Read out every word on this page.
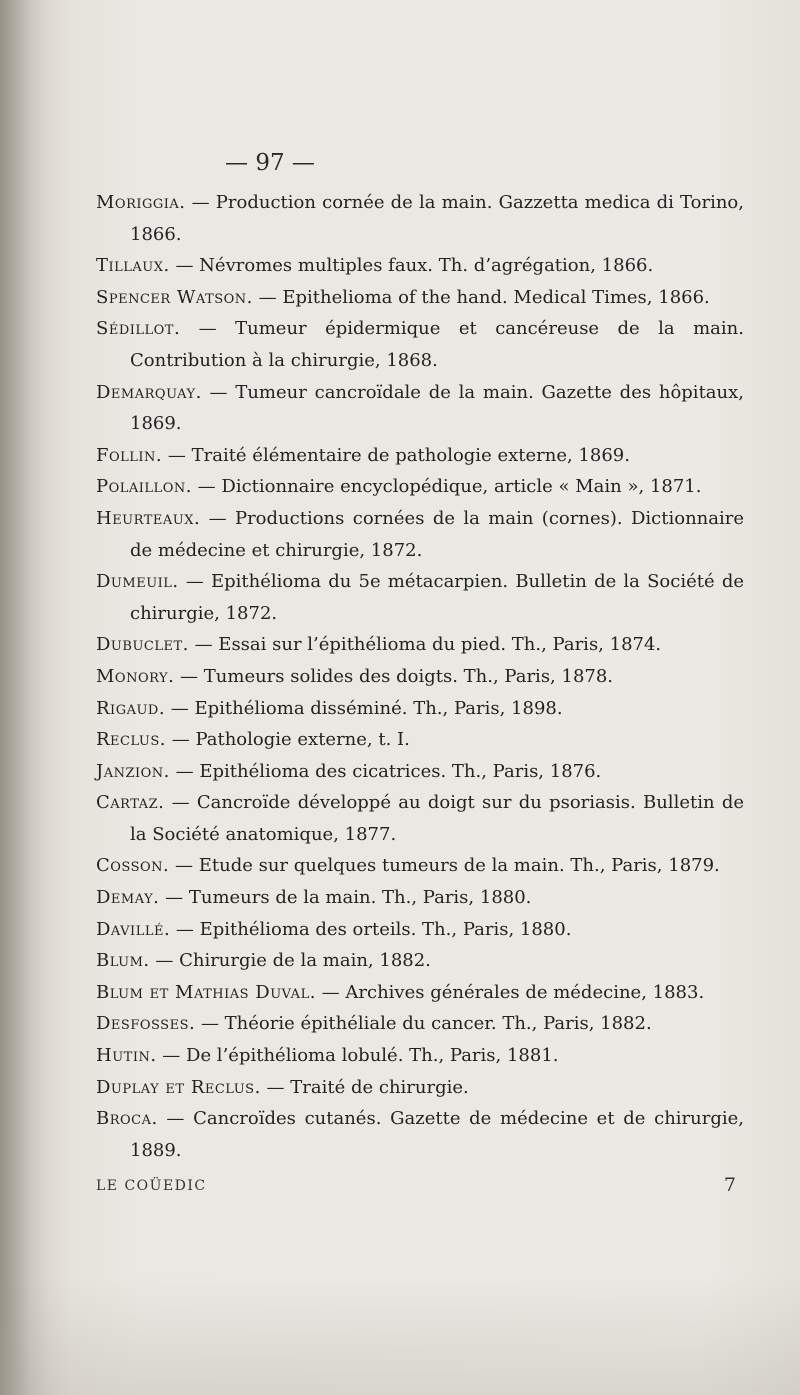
— 97 —
Moriggia. — Production cornée de la main. Gazzetta medica di Torino, 1866.
Tillaux. — Névromes multiples faux. Th. d’agrégation, 1866.
Spencer Watson. — Epithelioma of the hand. Medical Times, 1866.
Sédillot. — Tumeur épidermique et cancéreuse de la main. Contribution à la chirurgie, 1868.
Demarquay. — Tumeur cancroïdale de la main. Gazette des hôpitaux, 1869.
Follin. — Traité élémentaire de pathologie externe, 1869.
Polaillon. — Dictionnaire encyclopédique, article « Main », 1871.
Heurteaux. — Productions cornées de la main (cornes). Dictionnaire de médecine et chirurgie, 1872.
Dumeuil. — Epithélioma du 5e métacarpien. Bulletin de la Société de chirurgie, 1872.
Dubuclet. — Essai sur l’épithélioma du pied. Th., Paris, 1874.
Monory. — Tumeurs solides des doigts. Th., Paris, 1878.
Rigaud. — Epithélioma disséminé. Th., Paris, 1898.
Reclus. — Pathologie externe, t. I.
Janzion. — Epithélioma des cicatrices. Th., Paris, 1876.
Cartaz. — Cancroïde développé au doigt sur du psoriasis. Bulletin de la Société anatomique, 1877.
Cosson. — Etude sur quelques tumeurs de la main. Th., Paris, 1879.
Demay. — Tumeurs de la main. Th., Paris, 1880.
Davillé. — Epithélioma des orteils. Th., Paris, 1880.
Blum. — Chirurgie de la main, 1882.
Blum et Mathias Duval. — Archives générales de médecine, 1883.
Desfosses. — Théorie épithéliale du cancer. Th., Paris, 1882.
Hutin. — De l’épithélioma lobulé. Th., Paris, 1881.
Duplay et Reclus. — Traité de chirurgie.
Broca. — Cancroïdes cutanés. Gazette de médecine et de chirurgie, 1889.
LE COÜEDIC	7
